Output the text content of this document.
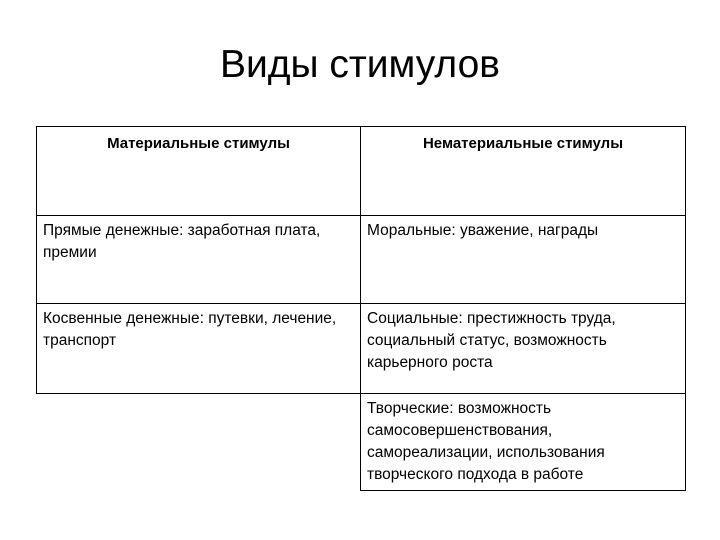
Виды стимулов
Материальные стимулы	Нематериальные стимулы
Прямые денежные: заработная плата, премии	Моральные: уважение, награды
Косвенные денежные: путевки, лечение, транспорт	Социальные: престижность труда, социальный статус, возможность карьерного роста
	Творческие: возможность самосовершенствования, самореализации, использования творческого подхода в работе
